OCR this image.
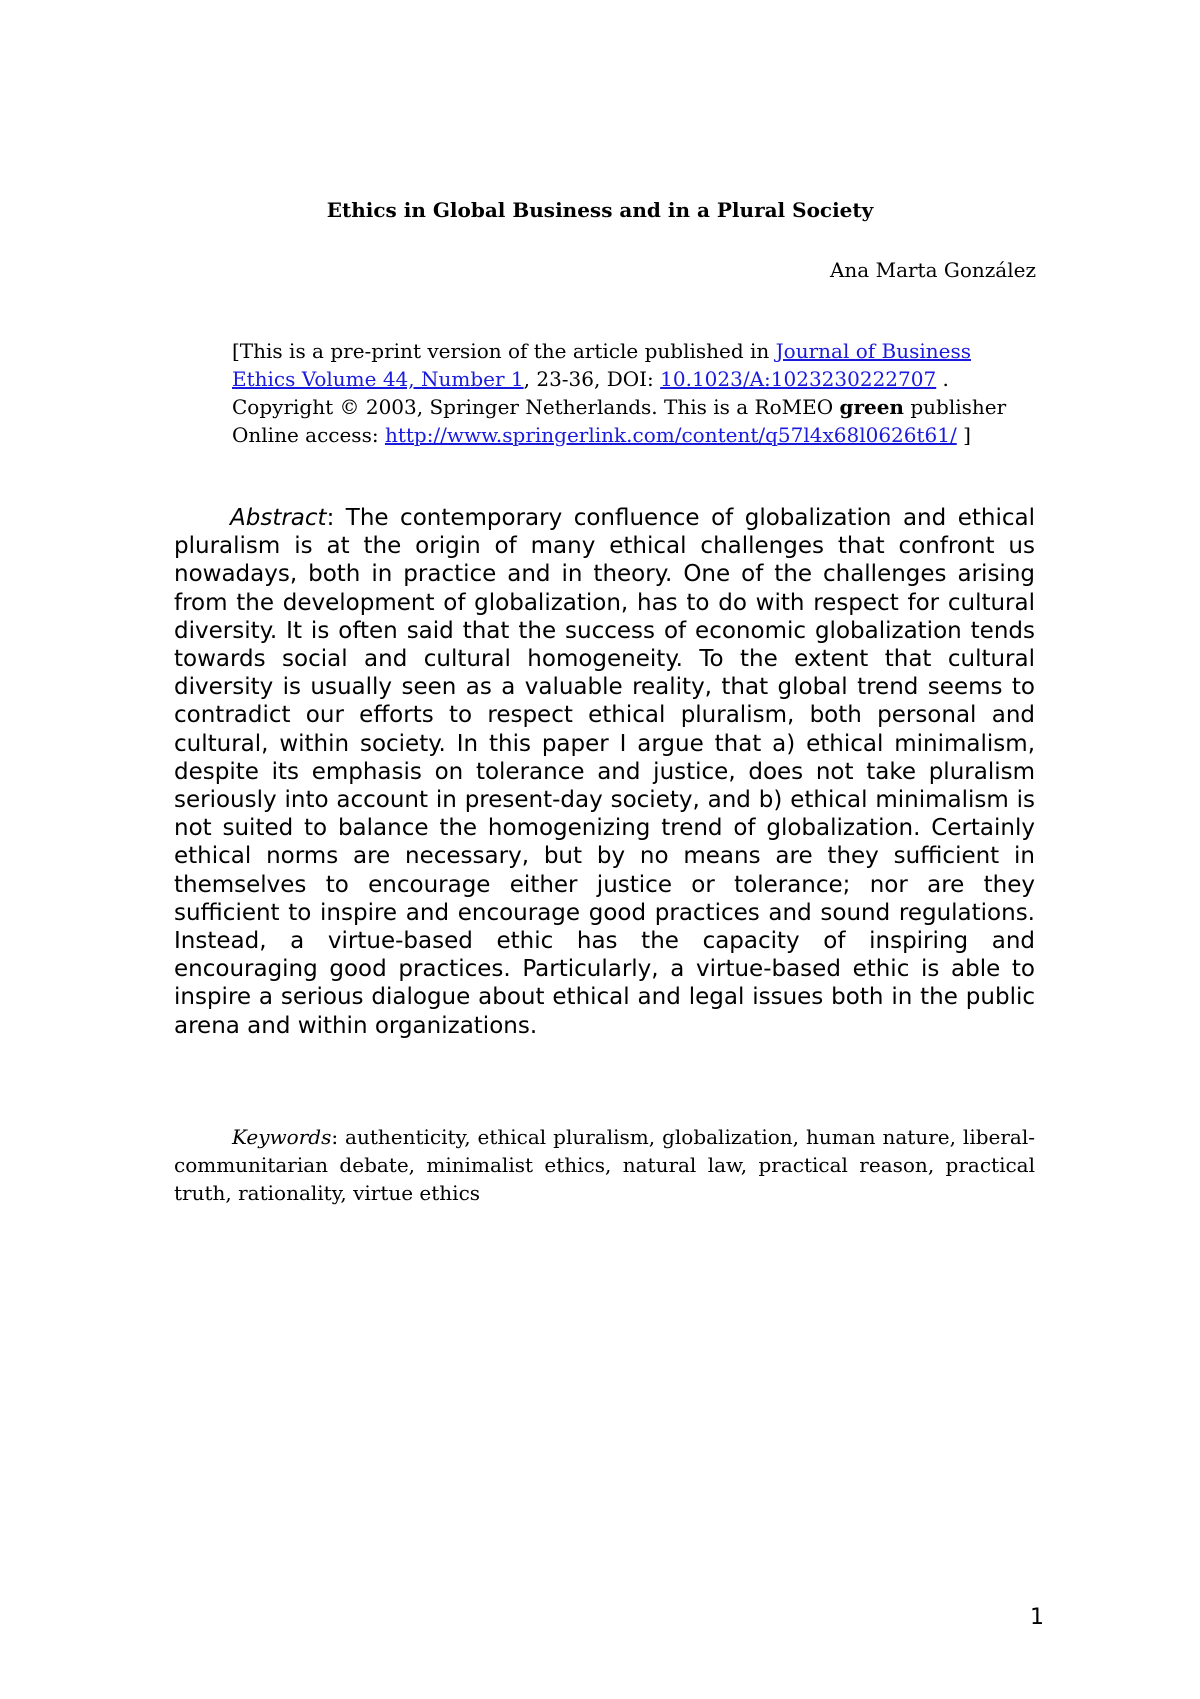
Ethics in Global Business and in a Plural Society
Ana Marta González
[This is a pre-print version of the article published in Journal of Business Ethics Volume 44, Number 1, 23-36, DOI: 10.1023/A:1023230222707 .
Copyright © 2003, Springer Netherlands. This is a RoMEO green publisher
Online access: http://www.springerlink.com/content/q57l4x68l0626t61/ ]
Abstract: The contemporary confluence of globalization and ethical pluralism is at the origin of many ethical challenges that confront us nowadays, both in practice and in theory. One of the challenges arising from the development of globalization, has to do with respect for cultural diversity. It is often said that the success of economic globalization tends towards social and cultural homogeneity. To the extent that cultural diversity is usually seen as a valuable reality, that global trend seems to contradict our efforts to respect ethical pluralism, both personal and cultural, within society. In this paper I argue that a) ethical minimalism, despite its emphasis on tolerance and justice, does not take pluralism seriously into account in present-day society, and b) ethical minimalism is not suited to balance the homogenizing trend of globalization. Certainly ethical norms are necessary, but by no means are they sufficient in themselves to encourage either justice or tolerance; nor are they sufficient to inspire and encourage good practices and sound regulations. Instead, a virtue-based ethic has the capacity of inspiring and encouraging good practices. Particularly, a virtue-based ethic is able to inspire a serious dialogue about ethical and legal issues both in the public arena and within organizations.
Keywords: authenticity, ethical pluralism, globalization, human nature, liberal-communitarian debate, minimalist ethics, natural law, practical reason, practical truth, rationality, virtue ethics
1
